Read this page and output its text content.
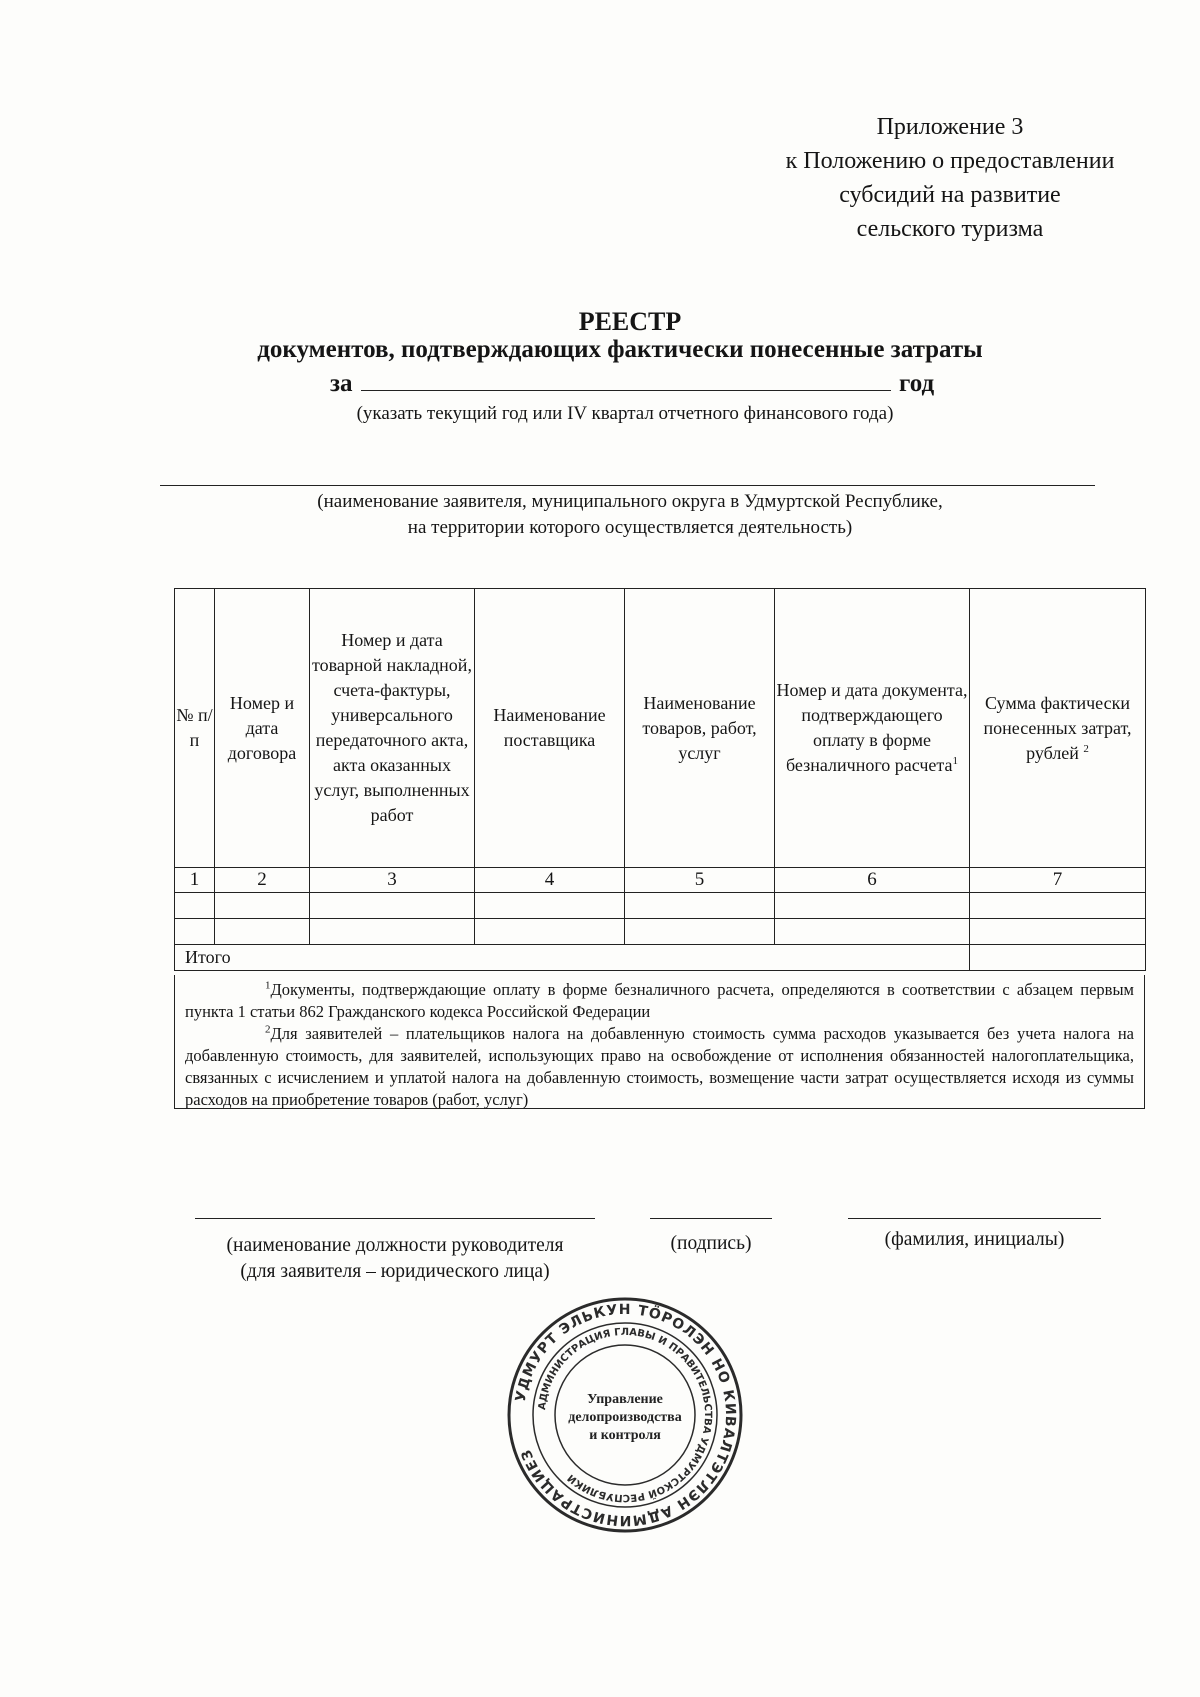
Приложение 3
к Положению о предоставлении
субсидий на развитие
сельского туризма
РЕЕСТР
документов, подтверждающих фактически понесенные затраты
за	год
(указать текущий год или IV квартал отчетного финансового года)
(наименование заявителя, муниципального округа в Удмуртской Республике,
на территории которого осуществляется деятельность)
№ п/п	Номер и дата договора	Номер и дата товарной накладной, счета-фактуры, универсального передаточного акта, акта оказанных услуг, выполненных работ	Наименование поставщика	Наименование товаров, работ, услуг	Номер и дата документа, подтверждающего оплату в форме безналичного расчета$^1$	Сумма фактически понесенных затрат, рублей $^2$
1	2	3	4	5	6	7

Итого						

$^1$Документы, подтверждающие оплату в форме безналичного расчета, определяются в соответствии с абзацем первым пункта 1 статьи 862 Гражданского кодекса Российской Федерации

$^2$Для заявителей – плательщиков налога на добавленную стоимость сумма расходов указывается без учета налога на добавленную стоимость, для заявителей, использующих право на освобождение от исполнения обязанностей налогоплательщика, связанных с исчислением и уплатой налога на добавленную стоимость, возмещение части затрат осуществляется исходя из суммы расходов на приобретение товаров (работ, услуг)

(наименование должности руководителя
(для заявителя – юридического лица)
(подпись)	(фамилия, инициалы)
УДМУРТ ЭЛЬКУН ТӦРОЛЭН НО КИВАЛТЭТЛЭН АДМИНИСТРАЦИЕЗ
АДМИНИСТРАЦИЯ ГЛАВЫ И ПРАВИТЕЛЬСТВА УДМУРТСКОЙ РЕСПУБЛИКИ
Управление
делопроизводства
и контроля
